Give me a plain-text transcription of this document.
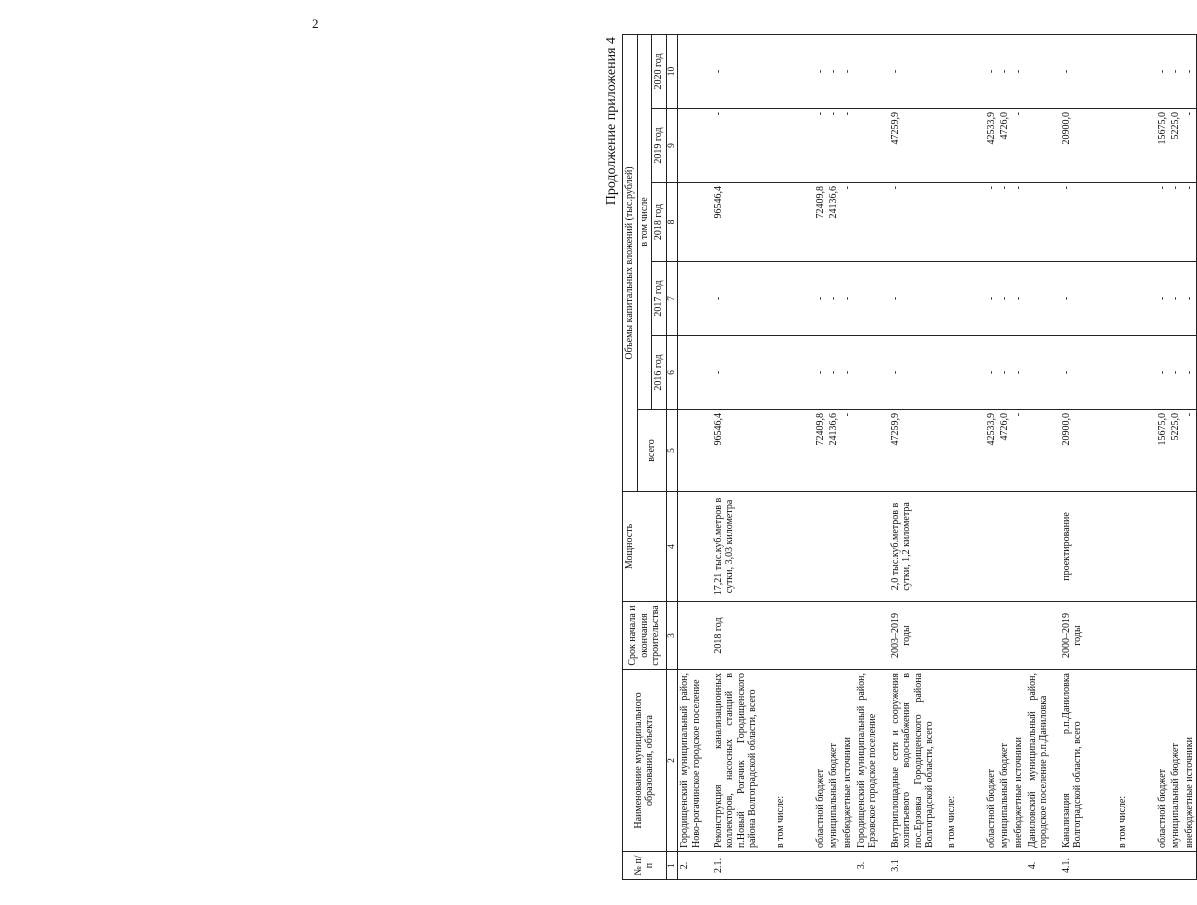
2
Продолжение приложения 4
№ п/п	Наименование муниципального образования, объекта	Срок начала и окончания строительства	Мощность	Объемы капитальных вложений (тыс.рублей)					
				всего	в том числе				
					2016 год	2017 год	2018 год	2019 год	2020 год
1	2	3	4	5	6	7	8	9	10
2.	Городищенский муниципальный район, Ново-рогачинское городское поселение								
2.1.	Реконструкция канализационных коллекторов, насосных станций в п.Новый Рогачик Городищенского района Волгоградской области, всего	2018 год	17,21 тыс.куб.метров в сутки, 3,03 километра	96546,4	-	-	96546,4	-	-
	в том числе:								
	областной бюджет			72409,8	-	-	72409,8	-	-
	муниципальный бюджет			24136,6	-	-	24136,6	-	-
	внебюджетные источники			-	-	-	-	-	-
3.	Городищенский муниципальный район, Ерзовское городское поселение								
3.1	Внутриплощадные сети и сооружения хозпитьевого водоснабжения в пос.Ерзовка Городищенского района Волгоградской области, всего	2003–2019 годы	2,0 тыс.куб.метров в сутки, 1,2 километра	47259,9	-	-	-	47259,9	-
	в том числе:								
	областной бюджет			42533,9	-	-	-	42533,9	-
	муниципальный бюджет			4726,0	-	-	-	4726,0	-
	внебюджетные источники			-	-	-	-	-	-
4.	Даниловский муниципальный район, городское поселение р.п.Даниловка								
4.1.	Канализация р.п.Даниловка Волгоградской области, всего	2000–2019 годы	проектирование	20900,0	-	-	-	20900,0	-
	в том числе:								
	областной бюджет			15675,0	-	-	-	15675,0	-
	муниципальный бюджет			5225,0	-	-	-	5225,0	-
	внебюджетные источники			-	-	-	-	-	-
